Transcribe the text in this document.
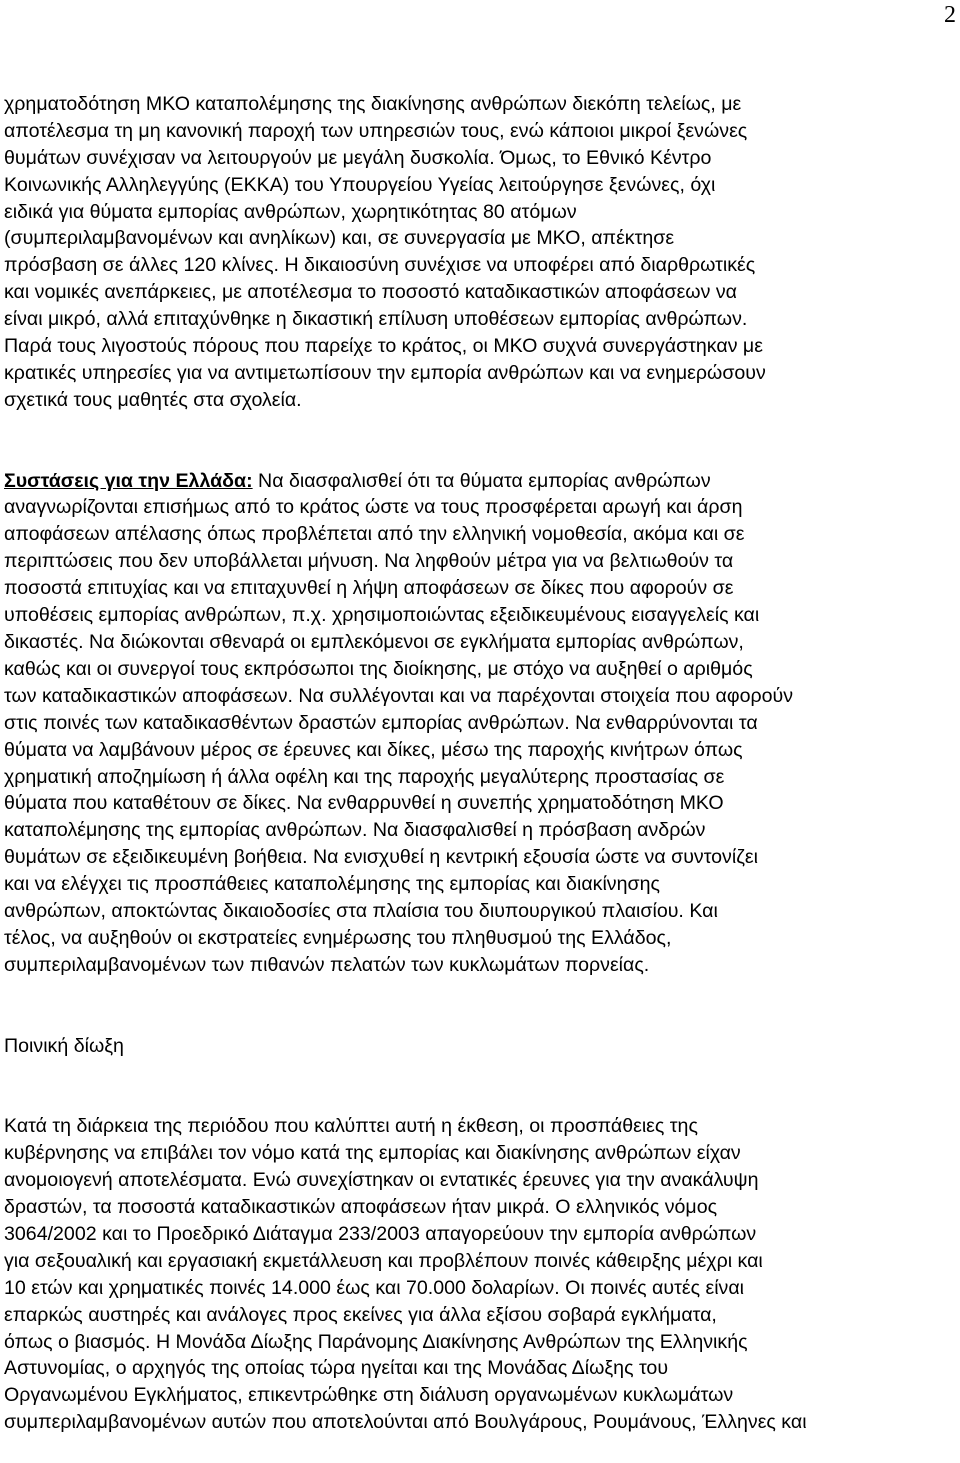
2

χρηματοδότηση ΜΚΟ καταπολέμησης της διακίνησης ανθρώπων διεκόπη τελείως, με
αποτέλεσμα τη μη κανονική παροχή των υπηρεσιών τους, ενώ κάποιοι μικροί ξενώνες
θυμάτων συνέχισαν να λειτουργούν με μεγάλη δυσκολία. Όμως, το Εθνικό Κέντρο
Κοινωνικής Αλληλεγγύης (ΕΚΚΑ) του Υπουργείου Υγείας λειτούργησε ξενώνες, όχι
ειδικά για θύματα εμπορίας ανθρώπων, χωρητικότητας 80 ατόμων
(συμπεριλαμβανομένων και ανηλίκων) και, σε συνεργασία με ΜΚΟ, απέκτησε
πρόσβαση σε άλλες 120 κλίνες. Η δικαιοσύνη συνέχισε να υποφέρει από διαρθρωτικές
και νομικές ανεπάρκειες, με αποτέλεσμα το ποσοστό καταδικαστικών αποφάσεων να
είναι μικρό, αλλά επιταχύνθηκε η δικαστική επίλυση υποθέσεων εμπορίας ανθρώπων.
Παρά τους λιγοστούς πόρους που παρείχε το κράτος, οι ΜΚΟ συχνά συνεργάστηκαν με
κρατικές υπηρεσίες για να αντιμετωπίσουν την εμπορία ανθρώπων και να ενημερώσουν
σχετικά τους μαθητές στα σχολεία.

Συστάσεις για την Ελλάδα: Να διασφαλισθεί ότι τα θύματα εμπορίας ανθρώπων
αναγνωρίζονται επισήμως από το κράτος ώστε να τους προσφέρεται αρωγή και άρση
αποφάσεων απέλασης όπως προβλέπεται από την ελληνική νομοθεσία, ακόμα και σε
περιπτώσεις που δεν υποβάλλεται μήνυση. Να ληφθούν μέτρα για να βελτιωθούν τα
ποσοστά επιτυχίας και να επιταχυνθεί η λήψη αποφάσεων σε δίκες που αφορούν σε
υποθέσεις εμπορίας ανθρώπων, π.χ. χρησιμοποιώντας εξειδικευμένους εισαγγελείς και
δικαστές. Να διώκονται σθεναρά οι εμπλεκόμενοι σε εγκλήματα εμπορίας ανθρώπων,
καθώς και οι συνεργοί τους εκπρόσωποι της διοίκησης, με στόχο να αυξηθεί ο αριθμός
των καταδικαστικών αποφάσεων. Να συλλέγονται και να παρέχονται στοιχεία που αφορούν
στις ποινές των καταδικασθέντων δραστών εμπορίας ανθρώπων. Να ενθαρρύνονται τα
θύματα να λαμβάνουν μέρος σε έρευνες και δίκες, μέσω της παροχής κινήτρων όπως
χρηματική αποζημίωση ή άλλα οφέλη και της παροχής μεγαλύτερης προστασίας σε
θύματα που καταθέτουν σε δίκες. Να ενθαρρυνθεί η συνεπής χρηματοδότηση ΜΚΟ
καταπολέμησης της εμπορίας ανθρώπων. Να διασφαλισθεί η πρόσβαση ανδρών
θυμάτων σε εξειδικευμένη βοήθεια. Να ενισχυθεί η κεντρική εξουσία ώστε να συντονίζει
και να ελέγχει τις προσπάθειες καταπολέμησης της εμπορίας και διακίνησης
ανθρώπων, αποκτώντας δικαιοδοσίες στα πλαίσια του διυπουργικού πλαισίου. Και
τέλος, να αυξηθούν οι εκστρατείες ενημέρωσης του πληθυσμού της Ελλάδος,
συμπεριλαμβανομένων των πιθανών πελατών των κυκλωμάτων πορνείας.

Ποινική δίωξη

Κατά τη διάρκεια της περιόδου που καλύπτει αυτή η έκθεση, οι προσπάθειες της
κυβέρνησης να επιβάλει τον νόμο κατά της εμπορίας και διακίνησης ανθρώπων είχαν
ανομοιογενή αποτελέσματα. Ενώ συνεχίστηκαν οι εντατικές έρευνες για την ανακάλυψη
δραστών, τα ποσοστά καταδικαστικών αποφάσεων ήταν μικρά. Ο ελληνικός νόμος
3064/2002 και το Προεδρικό Διάταγμα 233/2003 απαγορεύουν την εμπορία ανθρώπων
για σεξουαλική και εργασιακή εκμετάλλευση και προβλέπουν ποινές κάθειρξης μέχρι και
10 ετών και χρηματικές ποινές 14.000 έως και 70.000 δολαρίων. Οι ποινές αυτές είναι
επαρκώς αυστηρές και ανάλογες προς εκείνες για άλλα εξίσου σοβαρά εγκλήματα,
όπως ο βιασμός. Η Μονάδα Δίωξης Παράνομης Διακίνησης Ανθρώπων της Ελληνικής
Αστυνομίας, ο αρχηγός της οποίας τώρα ηγείται και της Μονάδας Δίωξης του
Οργανωμένου Εγκλήματος, επικεντρώθηκε στη διάλυση οργανωμένων κυκλωμάτων
συμπεριλαμβανομένων αυτών που αποτελούνται από Βουλγάρους, Ρουμάνους, Έλληνες και
